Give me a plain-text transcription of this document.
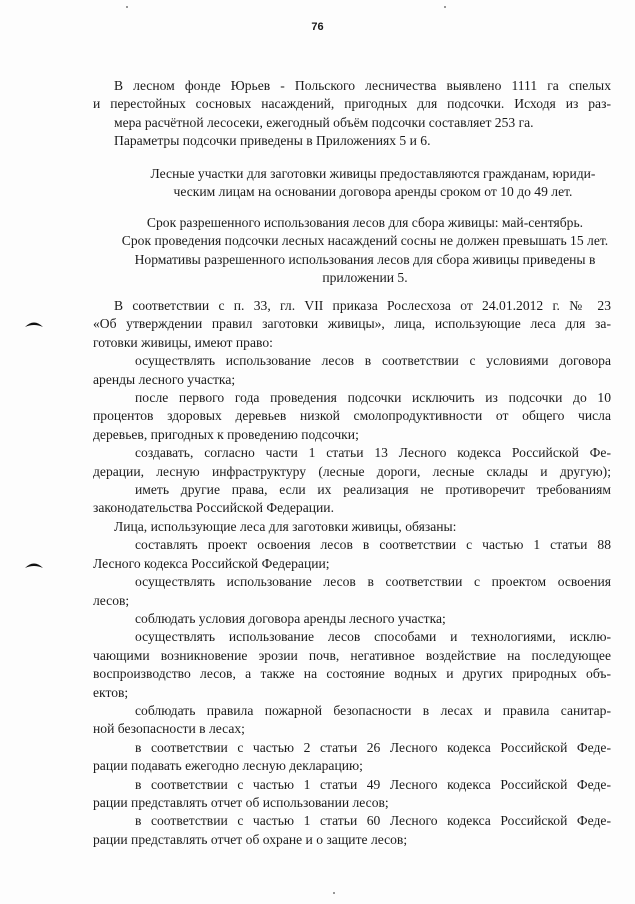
76
В лесном фонде Юрьев - Польского лесничества выявлено 1111 га спелых
и перестойных сосновых насаждений, пригодных для подсочки. Исходя из раз-
мера расчётной лесосеки, ежегодный объём подсочки составляет 253 га.
Параметры подсочки приведены в Приложениях 5 и 6.
Лесные участки для заготовки живицы предоставляются гражданам, юриди-
ческим лицам на основании договора аренды сроком от 10 до 49 лет.
Срок разрешенного использования лесов для сбора живицы: май-сентябрь.
Срок проведения подсочки лесных насаждений сосны не должен превышать 15 лет.
Нормативы разрешенного использования лесов для сбора живицы приведены в
приложении 5.
В соответствии с п. 33, гл. VII приказа Рослесхоза от 24.01.2012 г. № 23
«Об утверждении правил заготовки живицы», лица, использующие леса для за-
готовки живицы, имеют право:
осуществлять использование лесов в соответствии с условиями договора
аренды лесного участка;
после первого года проведения подсочки исключить из подсочки до 10
процентов здоровых деревьев низкой смолопродуктивности от общего числа
деревьев, пригодных к проведению подсочки;
создавать, согласно части 1 статьи 13 Лесного кодекса Российской Фе-
дерации, лесную инфраструктуру (лесные дороги, лесные склады и другую);
иметь другие права, если их реализация не противоречит требованиям
законодательства Российской Федерации.
Лица, использующие леса для заготовки живицы, обязаны:
составлять проект освоения лесов в соответствии с частью 1 статьи 88
Лесного кодекса Российской Федерации;
осуществлять использование лесов в соответствии с проектом освоения
лесов;
соблюдать условия договора аренды лесного участка;
осуществлять использование лесов способами и технологиями, исклю-
чающими возникновение эрозии почв, негативное воздействие на последующее
воспроизводство лесов, а также на состояние водных и других природных объ-
ектов;
соблюдать правила пожарной безопасности в лесах и правила санитар-
ной безопасности в лесах;
в соответствии с частью 2 статьи 26 Лесного кодекса Российской Феде-
рации подавать ежегодно лесную декларацию;
в соответствии с частью 1 статьи 49 Лесного кодекса Российской Феде-
рации представлять отчет об использовании лесов;
в соответствии с частью 1 статьи 60 Лесного кодекса Российской Феде-
рации представлять отчет об охране и о защите лесов;
